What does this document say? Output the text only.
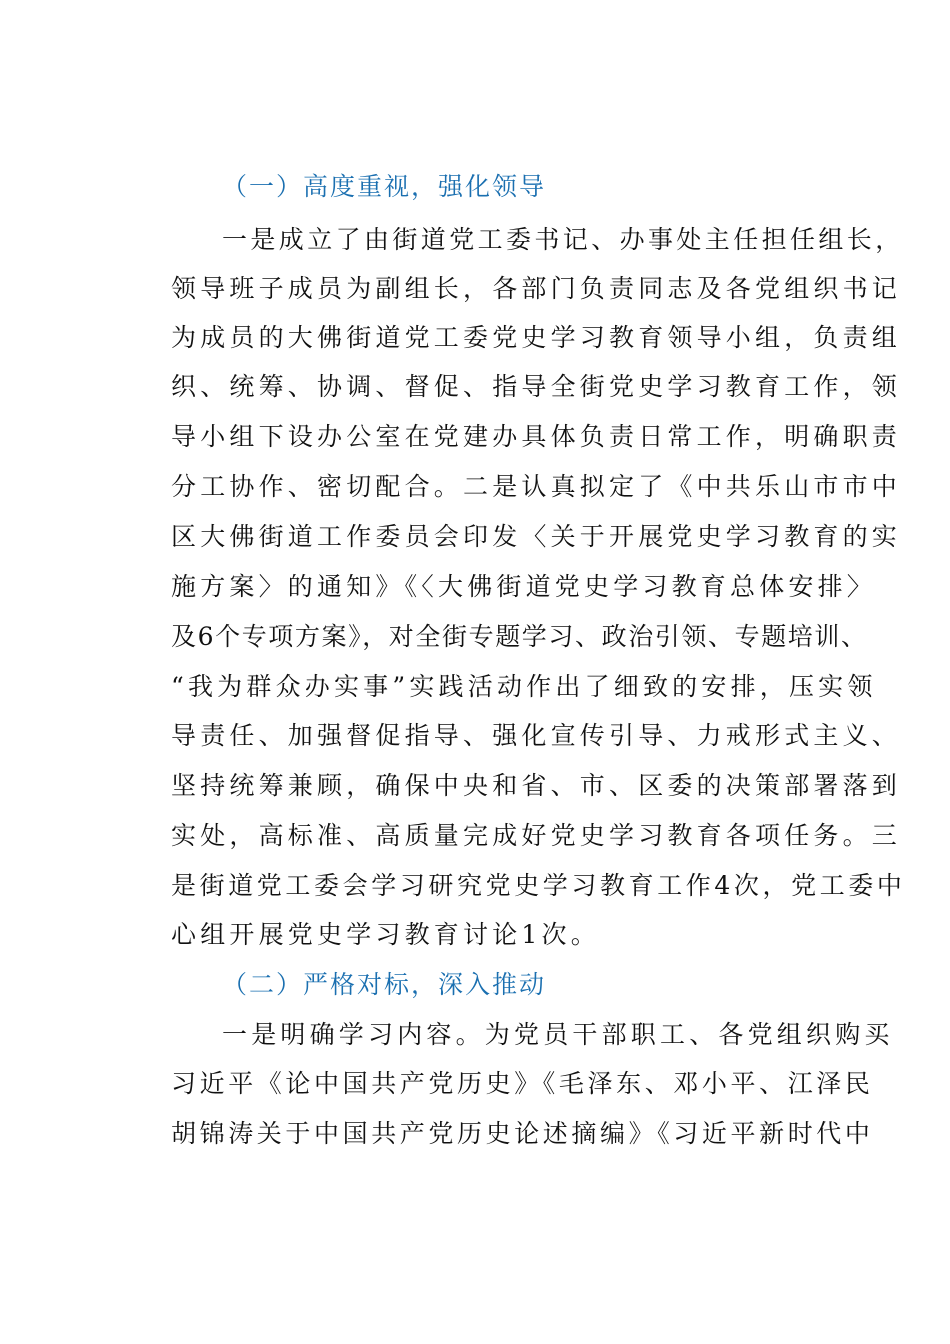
（一）高度重视，强化领导
一是成立了由街道党工委书记、办事处主任担任组长，
领导班子成员为副组长，各部门负责同志及各党组织书记
为成员的大佛街道党工委党史学习教育领导小组，负责组
织、统筹、协调、督促、指导全街党史学习教育工作，领
导小组下设办公室在党建办具体负责日常工作，明确职责
分工协作、密切配合。二是认真拟定了《中共乐山市市中
区大佛街道工作委员会印发〈关于开展党史学习教育的实
施方案〉的通知》《〈大佛街道党史学习教育总体安排〉
及6个专项方案》，对全街专题学习、政治引领、专题培训、
“我为群众办实事”实践活动作出了细致的安排，压实领
导责任、加强督促指导、强化宣传引导、力戒形式主义、
坚持统筹兼顾，确保中央和省、市、区委的决策部署落到
实处，高标准、高质量完成好党史学习教育各项任务。三
是街道党工委会学习研究党史学习教育工作4次，党工委中
心组开展党史学习教育讨论1次。
（二）严格对标，深入推动
一是明确学习内容。为党员干部职工、各党组织购买
习近平《论中国共产党历史》《毛泽东、邓小平、江泽民
胡锦涛关于中国共产党历史论述摘编》《习近平新时代中
